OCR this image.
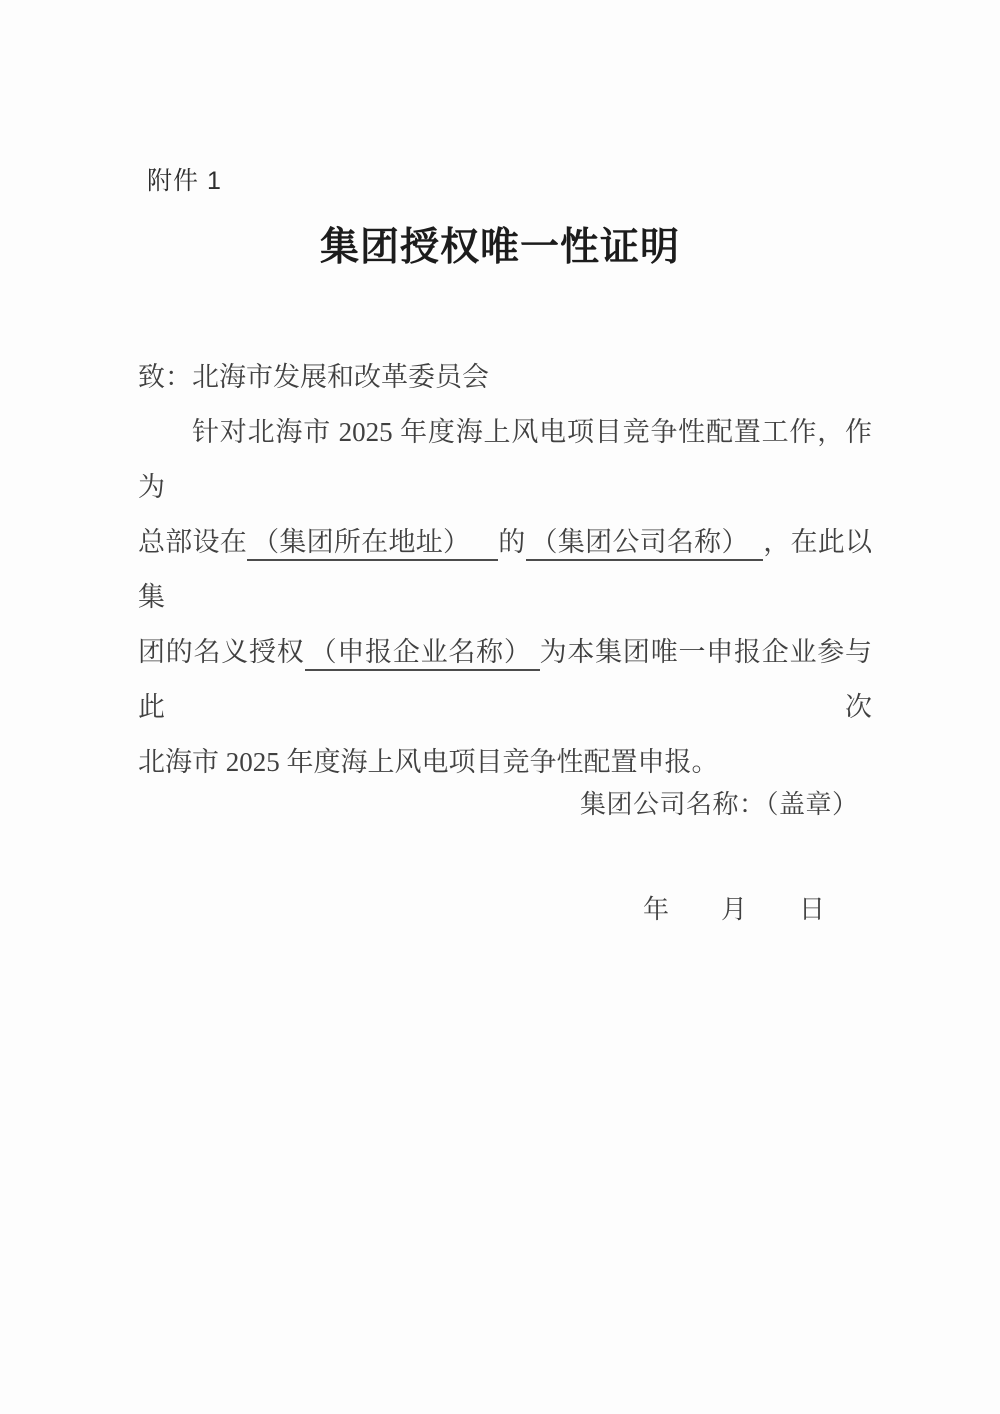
附件 1
集团授权唯一性证明
致：北海市发展和改革委员会
针对北海市 2025 年度海上风电项目竞争性配置工作，作为
总部设在 （集团所在地址） 的 （集团公司名称） ，在此以集
团的名义授权 （申报企业名称） 为本集团唯一申报企业参与此次
北海市 2025 年度海上风电项目竞争性配置申报。
集团公司名称：（盖章）
年　　月　　日
